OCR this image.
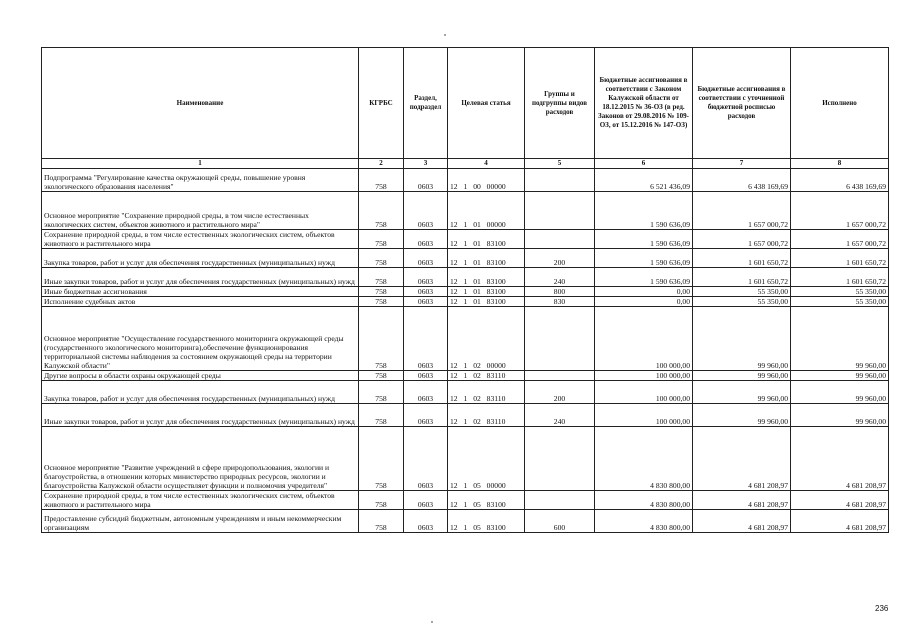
Наименование	КГРБС	Раздел, подраздел	Целевая статья	Группы и подгруппы видов расходов	Бюджетные ассигнования в соответствии с Законом Калужской области от 18.12.2015 № 36-ОЗ (в ред. Законов от 29.08.2016 № 109-ОЗ, от 15.12.2016 № 147-ОЗ)	Бюджетные ассигнования в соответствии с уточненной бюджетной росписью расходов	Исполнено
1	2	3	4	5	6	7	8
Подпрограмма "Регулирование качества окружающей среды, повышение уровня экологического образования населения"	758	0603	12 1 00 00000		6 521 436,09	6 438 169,69	6 438 169,69
Основное мероприятие "Сохранение природной среды, в том числе естественных экологических систем, объектов животного и растительного мира"	758	0603	12 1 01 00000		1 590 636,09	1 657 000,72	1 657 000,72
Сохранение природной среды, в том числе естественных экологических систем, объектов животного и растительного мира	758	0603	12 1 01 83100		1 590 636,09	1 657 000,72	1 657 000,72
Закупка товаров, работ и услуг для обеспечения государственных (муниципальных) нужд	758	0603	12 1 01 83100	200	1 590 636,09	1 601 650,72	1 601 650,72
Иные закупки товаров, работ и услуг для обеспечения государственных (муниципальных) нужд	758	0603	12 1 01 83100	240	1 590 636,09	1 601 650,72	1 601 650,72
Иные бюджетные ассигнования	758	0603	12 1 01 83100	800	0,00	55 350,00	55 350,00
Исполнение судебных актов	758	0603	12 1 01 83100	830	0,00	55 350,00	55 350,00
Основное мероприятие "Осуществление государственного мониторинга окружающей среды (государственного экологического мониторинга),обеспечение функционирования территориальной системы наблюдения за состоянием окружающей среды на территории Калужской области"	758	0603	12 1 02 00000		100 000,00	99 960,00	99 960,00
Другие вопросы в области охраны окружающей среды	758	0603	12 1 02 83110		100 000,00	99 960,00	99 960,00
Закупка товаров, работ и услуг для обеспечения государственных (муниципальных) нужд	758	0603	12 1 02 83110	200	100 000,00	99 960,00	99 960,00
Иные закупки товаров, работ и услуг для обеспечения государственных (муниципальных) нужд	758	0603	12 1 02 83110	240	100 000,00	99 960,00	99 960,00
Основное мероприятие "Развитие учреждений в сфере природопользования, экологии и благоустройства, в отношении которых министерство природных ресурсов, экологии и благоустройства Калужской области осуществляет функции и полномочия учредителя"	758	0603	12 1 05 00000		4 830 800,00	4 681 208,97	4 681 208,97
Сохранение природной среды, в том числе естественных экологических систем, объектов животного и растительного мира	758	0603	12 1 05 83100		4 830 800,00	4 681 208,97	4 681 208,97
Предоставление субсидий бюджетным, автономным учреждениям и иным некоммерческим организациям	758	0603	12 1 05 83100	600	4 830 800,00	4 681 208,97	4 681 208,97
236
